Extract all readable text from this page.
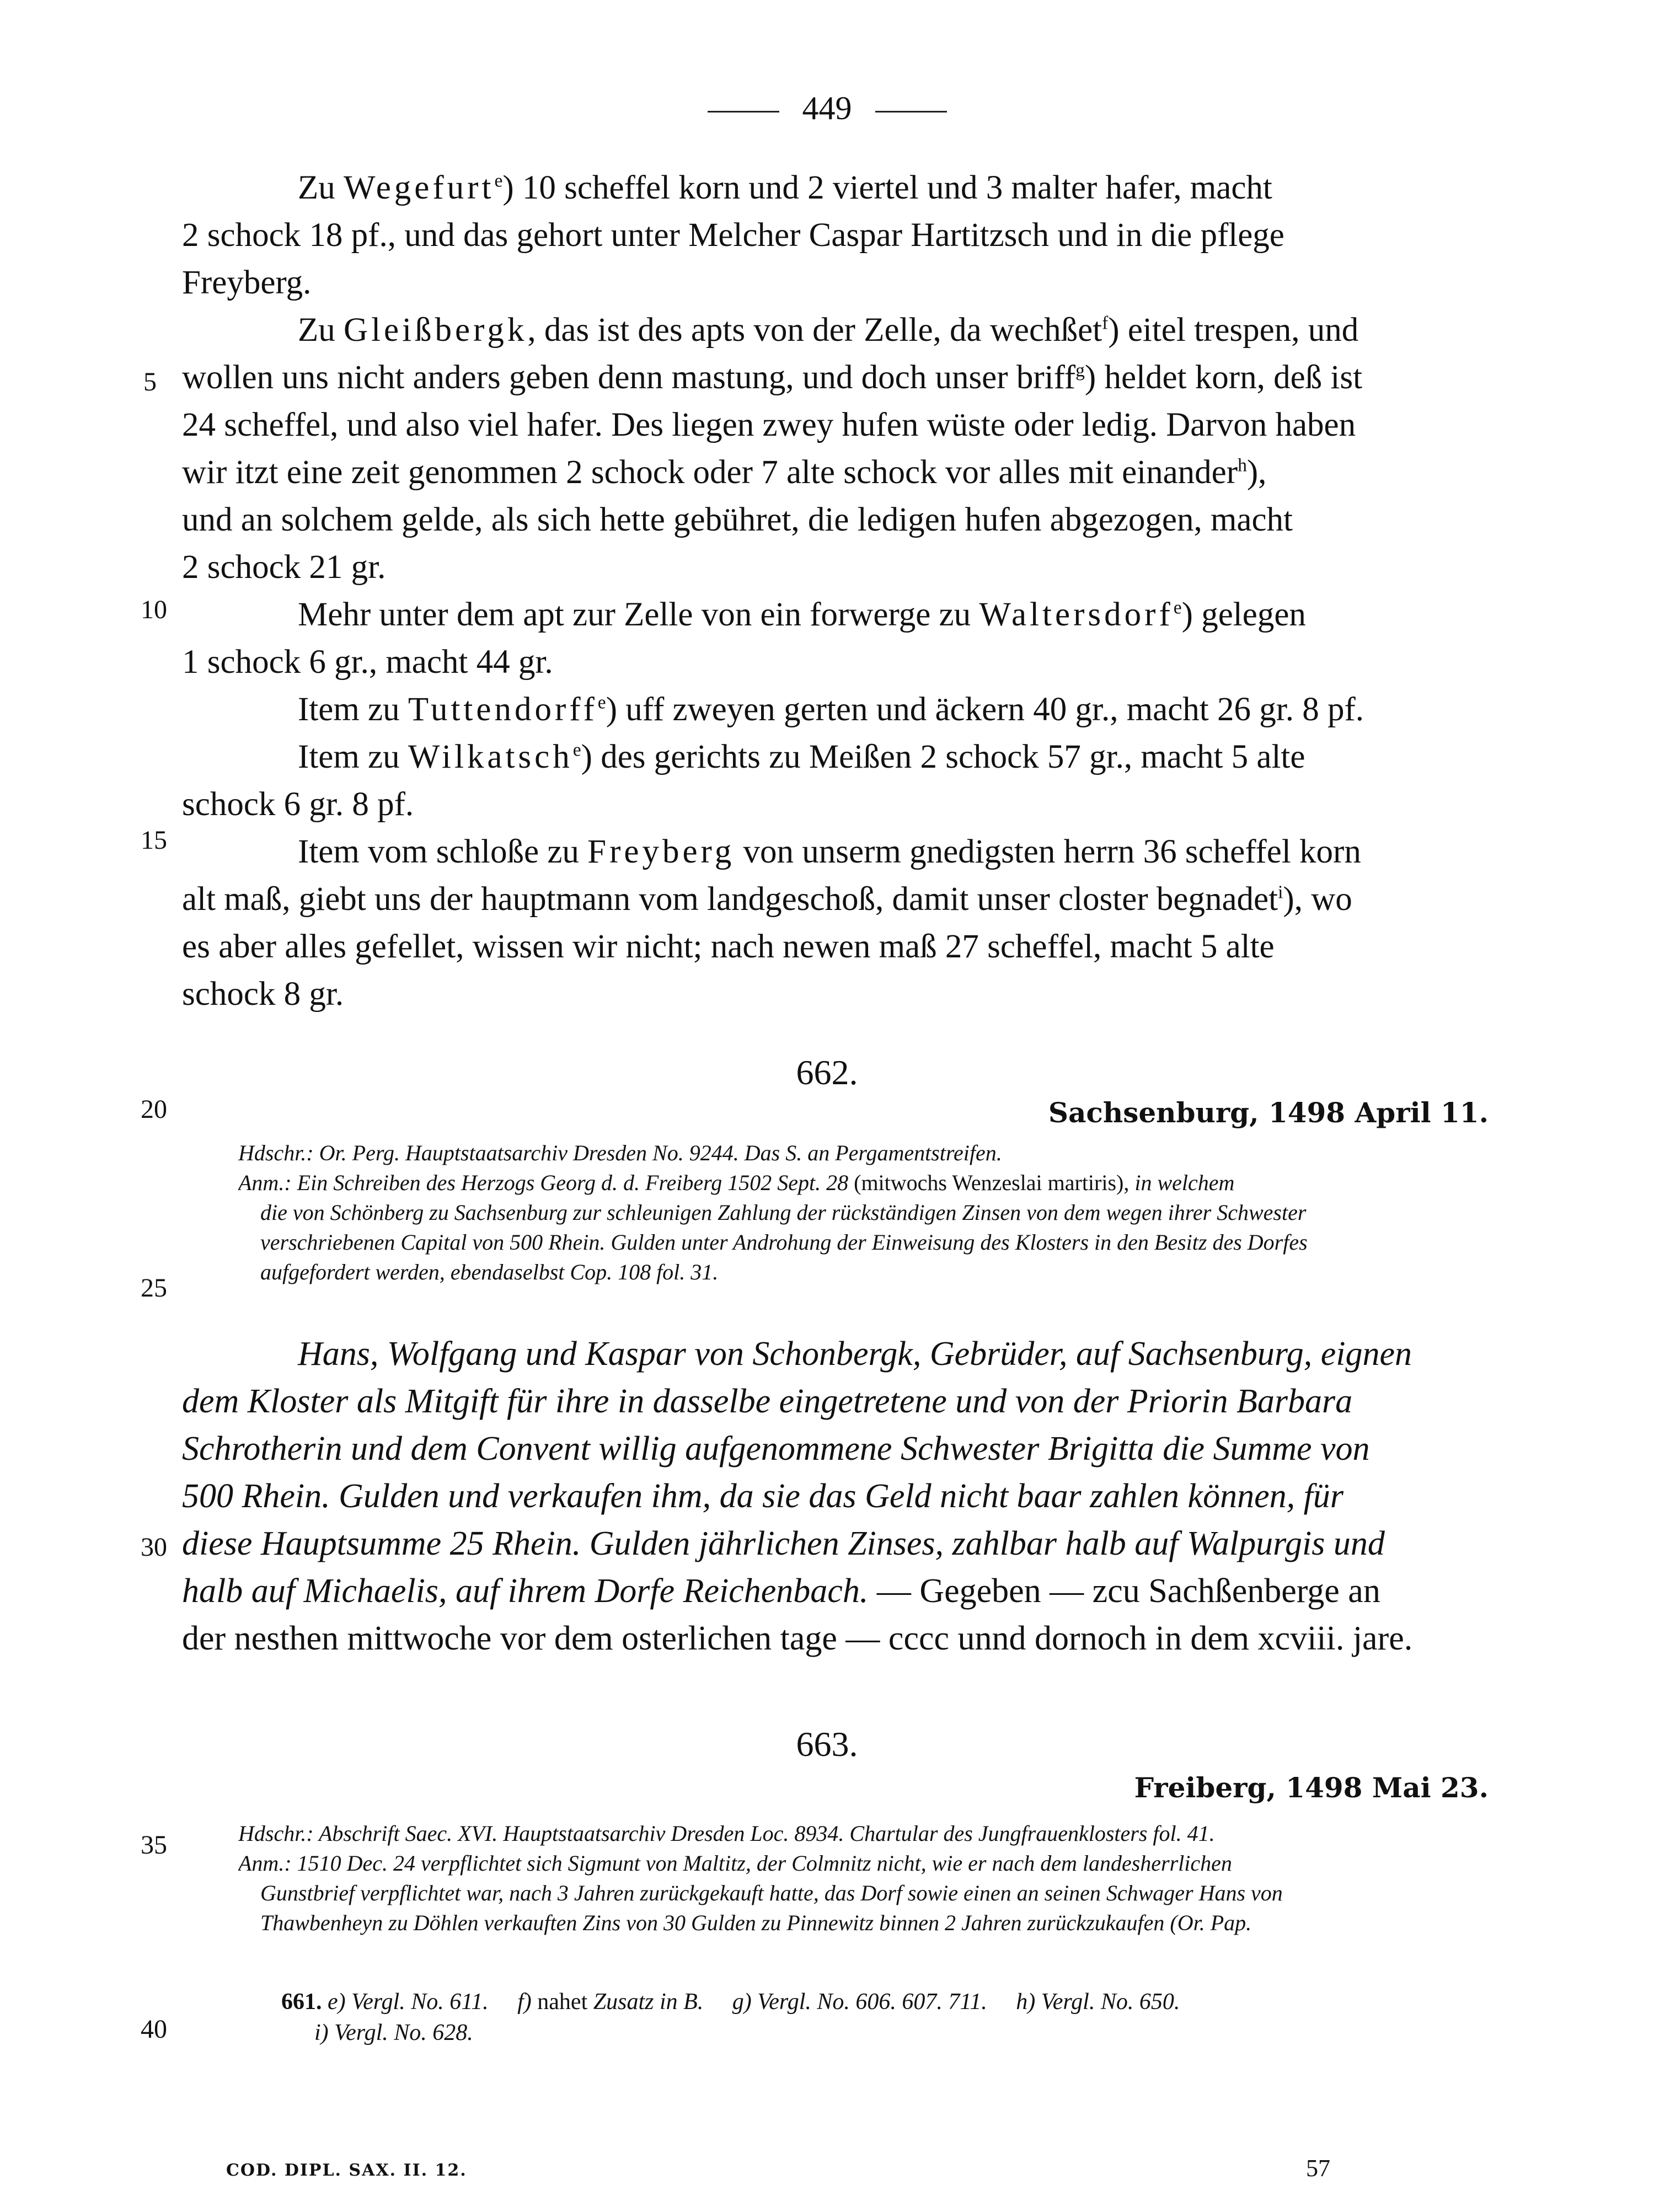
449
5
10
15
20
25
30
35
40
Zu Wegefurt$^e$) 10 scheffel korn und 2 viertel und 3 malter hafer, macht
2 schock 18 pf., und das gehort unter Melcher Caspar Hartitzsch und in die pflege
Freyberg.
Zu Gleißbergk, das ist des apts von der Zelle, da wechßet$^f$) eitel trespen, und
wollen uns nicht anders geben denn mastung, und doch unser briff$^g$) heldet korn, deß ist
24 scheffel, und also viel hafer. Des liegen zwey hufen wüste oder ledig. Darvon haben
wir itzt eine zeit genommen 2 schock oder 7 alte schock vor alles mit einander$^h$),
und an solchem gelde, als sich hette gebühret, die ledigen hufen abgezogen, macht
2 schock 21 gr.
Mehr unter dem apt zur Zelle von ein forwerge zu Waltersdorf$^e$) gelegen
1 schock 6 gr., macht 44 gr.
Item zu Tuttendorff$^e$) uff zweyen gerten und äckern 40 gr., macht 26 gr. 8 pf.
Item zu Wilkatsch$^e$) des gerichts zu Meißen 2 schock 57 gr., macht 5 alte
schock 6 gr. 8 pf.
Item vom schloße zu Freyberg von unserm gnedigsten herrn 36 scheffel korn
alt maß, giebt uns der hauptmann vom landgeschoß, damit unser closter begnadet$^i$), wo
es aber alles gefellet, wissen wir nicht; nach newen maß 27 scheffel, macht 5 alte
schock 8 gr.
662.
Sachsenburg, 1498 April 11.
Hdschr.: Or. Perg. Hauptstaatsarchiv Dresden No. 9244. Das S. an Pergamentstreifen.
Anm.: Ein Schreiben des Herzogs Georg d. d. Freiberg 1502 Sept. 28 (mitwochs Wenzeslai martiris), in welchem
die von Schönberg zu Sachsenburg zur schleunigen Zahlung der rückständigen Zinsen von dem wegen ihrer Schwester
verschriebenen Capital von 500 Rhein. Gulden unter Androhung der Einweisung des Klosters in den Besitz des Dorfes
aufgefordert werden, ebendaselbst Cop. 108 fol. 31.
Hans, Wolfgang und Kaspar von Schonbergk, Gebrüder, auf Sachsenburg, eignen
dem Kloster als Mitgift für ihre in dasselbe eingetretene und von der Priorin Barbara
Schrotherin und dem Convent willig aufgenommene Schwester Brigitta die Summe von
500 Rhein. Gulden und verkaufen ihm, da sie das Geld nicht baar zahlen können, für
diese Hauptsumme 25 Rhein. Gulden jährlichen Zinses, zahlbar halb auf Walpurgis und
halb auf Michaelis, auf ihrem Dorfe Reichenbach. — Gegeben — zcu Sachßenberge an
der nesthen mittwoche vor dem osterlichen tage — cccc unnd dornoch in dem xcviii. jare.
663.
Freiberg, 1498 Mai 23.
Hdschr.: Abschrift Saec. XVI. Hauptstaatsarchiv Dresden Loc. 8934. Chartular des Jungfrauenklosters fol. 41.
Anm.: 1510 Dec. 24 verpflichtet sich Sigmunt von Maltitz, der Colmnitz nicht, wie er nach dem landesherrlichen
Gunstbrief verpflichtet war, nach 3 Jahren zurückgekauft hatte, das Dorf sowie einen an seinen Schwager Hans von
Thawbenheyn zu Döhlen verkauften Zins von 30 Gulden zu Pinnewitz binnen 2 Jahren zurückzukaufen (Or. Pap.
661. e) Vergl. No. 611. f) nahet Zusatz in B. g) Vergl. No. 606. 607. 711. h) Vergl. No. 650.
i) Vergl. No. 628.
COD. DIPL. SAX. II. 12.	57
